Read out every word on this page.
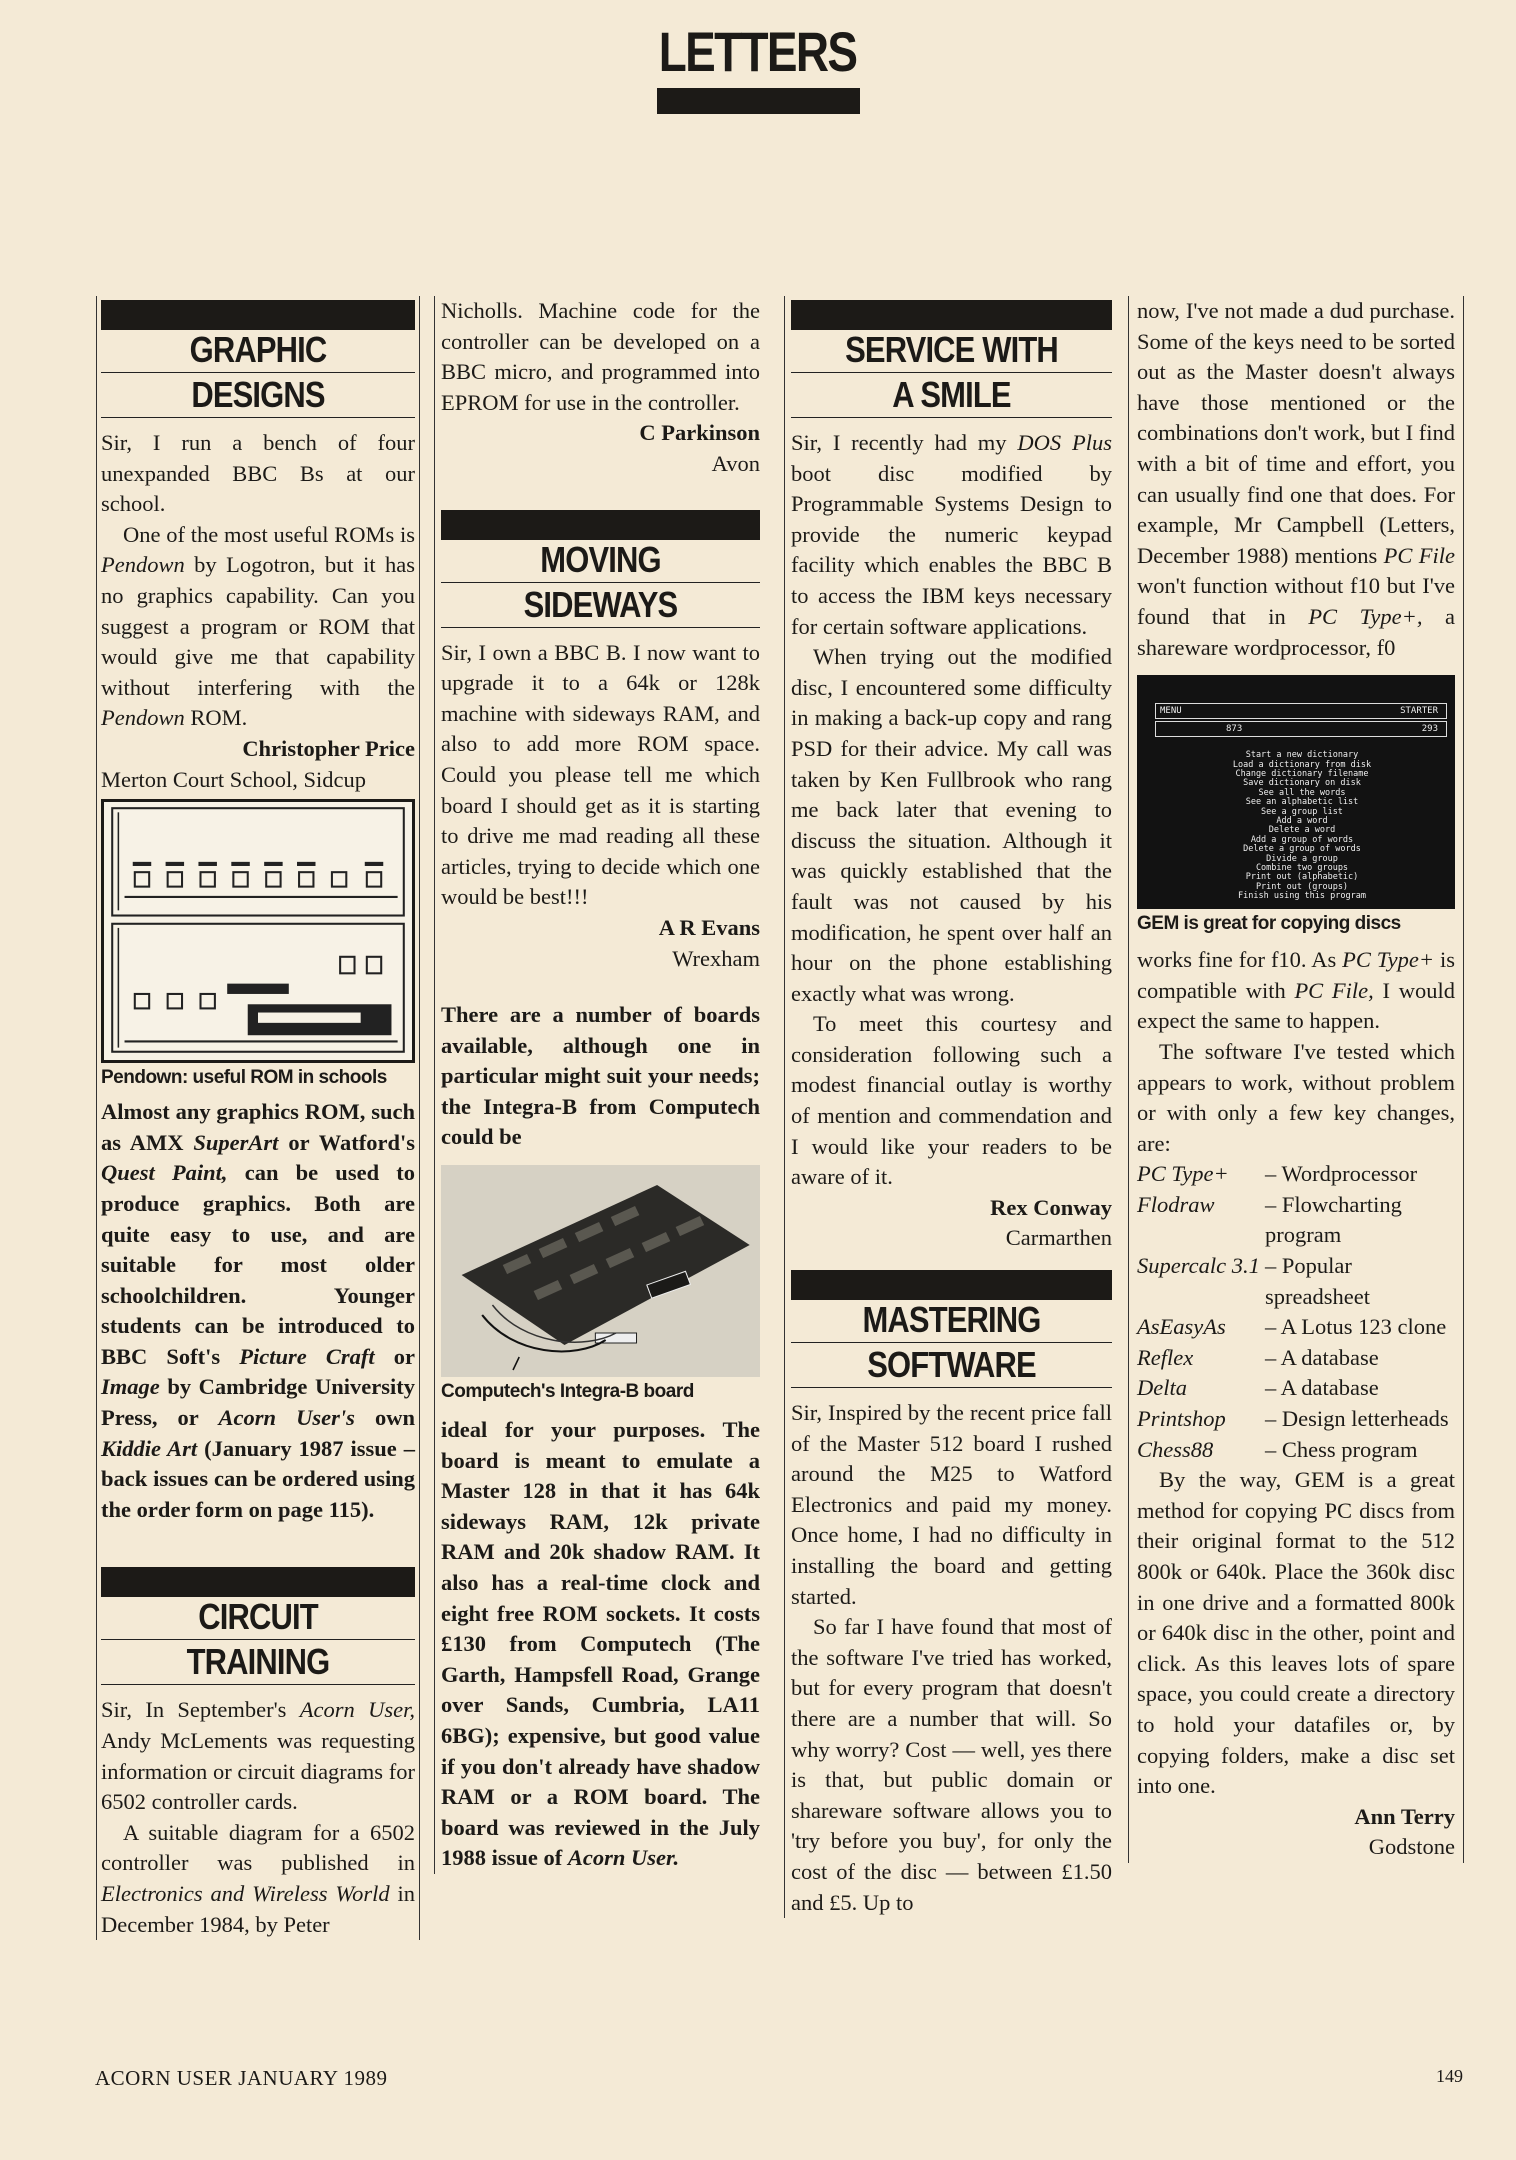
LETTERS
GRAPHIC
DESIGNS

Sir, I run a bench of four unexpanded BBC Bs at our school.

One of the most useful ROMs is Pendown by Logotron, but it has no graphics capability. Can you suggest a program or ROM that would give me that capability without interfering with the Pendown ROM.

Christopher Price

Merton Court School, Sidcup

Pendown: useful ROM in schools

Almost any graphics ROM, such as AMX SuperArt or Watford's Quest Paint, can be used to produce graphics. Both are quite easy to use, and are suitable for most older schoolchildren. Younger students can be introduced to BBC Soft's Picture Craft or Image by Cambridge University Press, or Acorn User's own Kiddie Art (January 1987 issue – back issues can be ordered using the order form on page 115).

CIRCUIT
TRAINING

Sir, In September's Acorn User, Andy McLements was requesting information or circuit diagrams for 6502 controller cards.

A suitable diagram for a 6502 controller was published in Electronics and Wireless World in December 1984, by Peter

Nicholls. Machine code for the controller can be developed on a BBC micro, and programmed into EPROM for use in the controller.

C Parkinson

Avon

MOVING
SIDEWAYS

Sir, I own a BBC B. I now want to upgrade it to a 64k or 128k machine with sideways RAM, and also to add more ROM space. Could you please tell me which board I should get as it is starting to drive me mad reading all these articles, trying to decide which one would be best!!!

A R Evans

Wrexham

There are a number of boards available, although one in particular might suit your needs; the Integra-B from Computech could be

Computech's Integra-B board

ideal for your purposes. The board is meant to emulate a Master 128 in that it has 64k sideways RAM, 12k private RAM and 20k shadow RAM. It also has a real-time clock and eight free ROM sockets. It costs £130 from Computech (The Garth, Hampsfell Road, Grange over Sands, Cumbria, LA11 6BG); expensive, but good value if you don't already have shadow RAM or a ROM board. The board was reviewed in the July 1988 issue of Acorn User.

SERVICE WITH
A SMILE

Sir, I recently had my DOS Plus boot disc modified by Programmable Systems Design to provide the numeric keypad facility which enables the BBC B to access the IBM keys necessary for certain software applications.

When trying out the modified disc, I encountered some difficulty in making a back-up copy and rang PSD for their advice. My call was taken by Ken Fullbrook who rang me back later that evening to discuss the situation. Although it was quickly established that the fault was not caused by his modification, he spent over half an hour on the phone establishing exactly what was wrong.

To meet this courtesy and consideration following such a modest financial outlay is worthy of mention and commendation and I would like your readers to be aware of it.

Rex Conway

Carmarthen

MASTERING
SOFTWARE

Sir, Inspired by the recent price fall of the Master 512 board I rushed around the M25 to Watford Electronics and paid my money. Once home, I had no difficulty in installing the board and getting started.

So far I have found that most of the software I've tried has worked, but for every program that doesn't there are a number that will. So why worry? Cost — well, yes there is that, but public domain or shareware software allows you to 'try before you buy', for only the cost of the disc — between £1.50 and £5. Up to

now, I've not made a dud purchase. Some of the keys need to be sorted out as the Master doesn't always have those mentioned or the combinations don't work, but I find with a bit of time and effort, you can usually find one that does. For example, Mr Campbell (Letters, December 1988) mentions PC File won't function without f10 but I've found that in PC Type+, a shareware wordprocessor, f0

MENU	STARTER
873	293
Start a new dictionary
Load a dictionary from disk
Change dictionary filename
Save dictionary on disk
See all the words
See an alphabetic list
See a group list
Add a word
Delete a word
Add a group of words
Delete a group of words
Divide a group
Combine two groups
Print out (alphabetic)
Print out (groups)
Finish using this program
GEM is great for copying discs

works fine for f10. As PC Type+ is compatible with PC File, I would expect the same to happen.

The software I've tested which appears to work, without problem or with only a few key changes, are:

PC Type+	– Wordprocessor
Flodraw	– Flowcharting program
Supercalc 3.1	– Popular spreadsheet
AsEasyAs	– A Lotus 123 clone
Reflex	– A database
Delta	– A database
Printshop	– Design letterheads
Chess88	– Chess program

By the way, GEM is a great method for copying PC discs from their original format to the 512 800k or 640k. Place the 360k disc in one drive and a formatted 800k or 640k disc in the other, point and click. As this leaves lots of spare space, you could create a directory to hold your datafiles or, by copying folders, make a disc set into one.

Ann Terry

Godstone

ACORN USER JANUARY 1989	149
